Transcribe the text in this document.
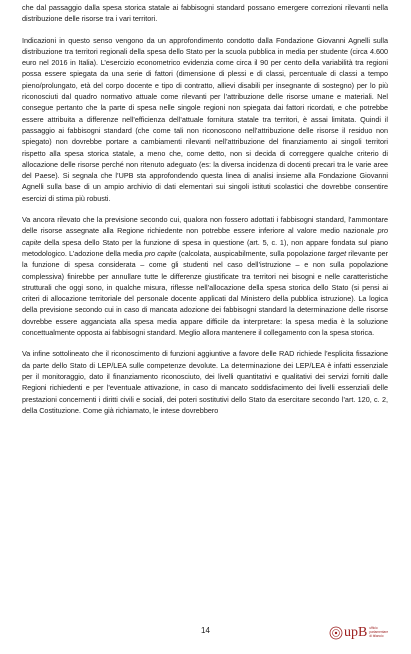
che dal passaggio dalla spesa storica statale ai fabbisogni standard possano emergere correzioni rilevanti nella distribuzione delle risorse tra i vari territori.

Indicazioni in questo senso vengono da un approfondimento condotto dalla Fondazione Giovanni Agnelli sulla distribuzione tra territori regionali della spesa dello Stato per la scuola pubblica in media per studente (circa 4.600 euro nel 2016 in Italia). L’esercizio econometrico evidenzia come circa il 90 per cento della variabilità tra regioni possa essere spiegata da una serie di fattori (dimensione di plessi e di classi, percentuale di classi a tempo pieno/prolungato, età del corpo docente e tipo di contratto, allievi disabili per insegnante di sostegno) per lo più riconosciuti dal quadro normativo attuale come rilevanti per l’attribuzione delle risorse umane e materiali. Nel consegue pertanto che la parte di spesa nelle singole regioni non spiegata dai fattori ricordati, e che potrebbe essere attribuita a differenze nell’efficienza dell’attuale fornitura statale tra territori, è assai limitata. Quindi il passaggio ai fabbisogni standard (che come tali non riconoscono nell’attribuzione delle risorse il residuo non spiegato) non dovrebbe portare a cambiamenti rilevanti nell’attribuzione del finanziamento ai singoli territori rispetto alla spesa storica statale, a meno che, come detto, non si decida di correggere qualche criterio di allocazione delle risorse perché non ritenuto adeguato (es: la diversa incidenza di docenti precari tra le varie aree del Paese). Si segnala che l’UPB sta approfondendo questa linea di analisi insieme alla Fondazione Giovanni Agnelli sulla base di un ampio archivio di dati elementari sui singoli istituti scolastici che dovrebbe consentire esercizi di stima più robusti.

Va ancora rilevato che la previsione secondo cui, qualora non fossero adottati i fabbisogni standard, l’ammontare delle risorse assegnate alla Regione richiedente non potrebbe essere inferiore al valore medio nazionale pro capite della spesa dello Stato per la funzione di spesa in questione (art. 5, c. 1), non appare fondata sul piano metodologico. L’adozione della media pro capite (calcolata, auspicabilmente, sulla popolazione target rilevante per la funzione di spesa considerata – come gli studenti nel caso dell’istruzione – e non sulla popolazione complessiva) finirebbe per annullare tutte le differenze giustificate tra territori nei bisogni e nelle caratteristiche strutturali che oggi sono, in qualche misura, riflesse nell’allocazione della spesa storica dello Stato (si pensi ai criteri di allocazione territoriale del personale docente applicati dal Ministero della pubblica istruzione). La logica della previsione secondo cui in caso di mancata adozione dei fabbisogni standard la determinazione delle risorse dovrebbe essere agganciata alla spesa media appare difficile da interpretare: la spesa media è la soluzione concettualmente opposta ai fabbisogni standard. Meglio allora mantenere il collegamento con la spesa storica.

Va infine sottolineato che il riconoscimento di funzioni aggiuntive a favore delle RAD richiede l’esplicita fissazione da parte dello Stato di LEP/LEA sulle competenze devolute. La determinazione dei LEP/LEA è infatti essenziale per il monitoraggio, dato il finanziamento riconosciuto, dei livelli quantitativi e qualitativi dei servizi forniti dalle Regioni richiedenti e per l’eventuale attivazione, in caso di mancato soddisfacimento dei livelli essenziali delle prestazioni concernenti i diritti civili e sociali, dei poteri sostitutivi dello Stato da esercitare secondo l’art. 120, c. 2, della Costituzione. Come già richiamato, le intese dovrebbero

14	upB ufficio
parlamentare
di bilancio
